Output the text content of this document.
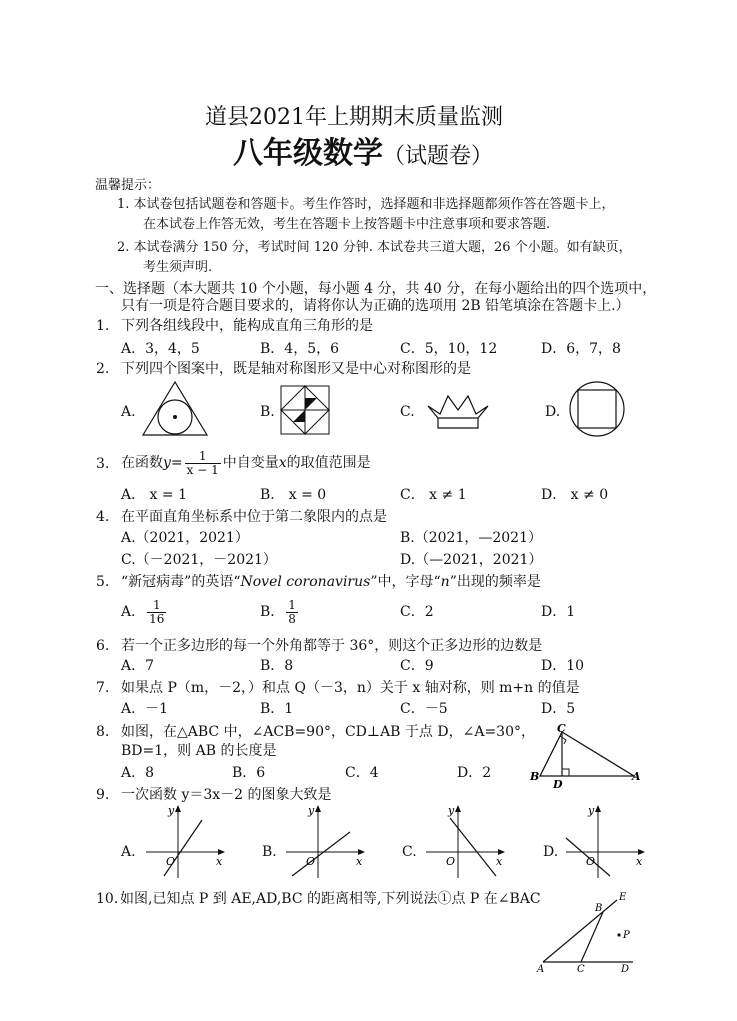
道县2021年上期期末质量监测
八年级数学（试题卷）
温馨提示：
1. 本试卷包括试题卷和答题卡。考生作答时，选择题和非选择题都须作答在答题卡上，
在本试卷上作答无效，考生在答题卡上按答题卡中注意事项和要求答题.
2. 本试卷满分 150 分，考试时间 120 分钟. 本试卷共三道大题，26 个小题。如有缺页，
考生须声明.
一、选择题（本大题共 10 个小题，每小题 4 分，共 40 分，在每小题给出的四个选项中，
只有一项是符合题目要求的，请将你认为正确的选项用 2B 铅笔填涂在答题卡上.）
1. 下列各组线段中，能构成直角三角形的是
A．3，4，5	B．4，5，6	C．5，10，12	D．6，7，8
2. 下列四个图案中，既是轴对称图形又是中心对称图形的是
A.	B.	C.	D.
3. 在函数 $y = \frac{1}{x - 1}$ 中自变量 x 的取值范围是
A． x = 1	B． x = 0	C． x ≠ 1	D． x ≠ 0
4. 在平面直角坐标系中位于第二象限内的点是
A.（2021，2021）	B.（2021，—2021）
C.（－2021，－2021）	D.（—2021，2021）
5. “新冠病毒”的英语“Novel coronavirus”中，字母“n”出现的频率是
A． $\frac{1}{16}$	B． $\frac{1}{8}$	C．2	D．1
6. 若一个正多边形的每一个外角都等于 36°，则这个正多边形的边数是
A．7	B．8	C．9	D．10
7. 如果点 P（m，－2，）和点 Q（－3，n）关于 x 轴对称，则 m+n 的值是
A．－1	B．1	C．－5	D．5
8. 如图，在△ABC 中，∠ACB=90°，CD⊥AB 于点 D，∠A=30°，
BD=1，则 AB 的长度是
A．8	B．6	C．4	D．2
C
B
D
A
9. 一次函数 y＝3x－2 的图象大致是
A.
y
x
O
B.
y
x
O
C.
y
x
O
D.
y
x
O
10. 如图,已知点 P 到 AE,AD,BC 的距离相等,下列说法①点 P 在∠BAC
A	C	D
B
E
P
